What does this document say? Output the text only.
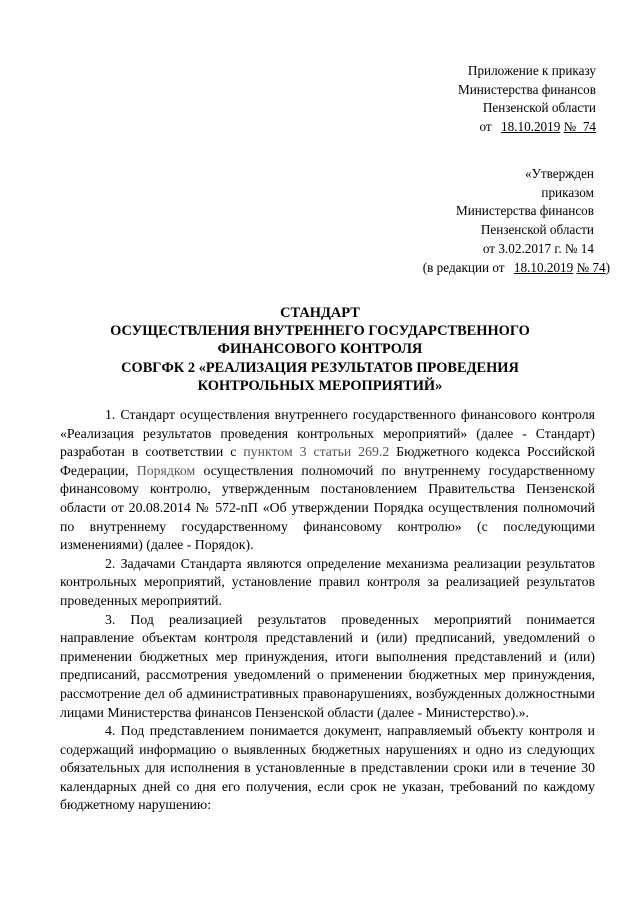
Приложение к приказу
Министерства финансов
Пензенской области
от 18.10.2019 № 74
«Утвержден
приказом
Министерства финансов
Пензенской области
от 3.02.2017 г. № 14
(в редакции от 18.10.2019 № 74)
СТАНДАРТ
ОСУЩЕСТВЛЕНИЯ ВНУТРЕННЕГО ГОСУДАРСТВЕННОГО
ФИНАНСОВОГО КОНТРОЛЯ
СОВГФК 2 «РЕАЛИЗАЦИЯ РЕЗУЛЬТАТОВ ПРОВЕДЕНИЯ
КОНТРОЛЬНЫХ МЕРОПРИЯТИЙ»

1. Стандарт осуществления внутреннего государственного финансового контроля «Реализация результатов проведения контрольных мероприятий» (далее - Стандарт) разработан в соответствии с пунктом 3 статьи 269.2 Бюджетного кодекса Российской Федерации, Порядком осуществления полномочий по внутреннему государственному финансовому контролю, утвержденным постановлением Правительства Пензенской области от 20.08.2014 № 572-пП «Об утверждении Порядка осуществления полномочий по внутреннему государственному финансовому контролю» (с последующими изменениями) (далее - Порядок).

2. Задачами Стандарта являются определение механизма реализации результатов контрольных мероприятий, установление правил контроля за реализацией результатов проведенных мероприятий.

3. Под реализацией результатов проведенных мероприятий понимается направление объектам контроля представлений и (или) предписаний, уведомлений о применении бюджетных мер принуждения, итоги выполнения представлений и (или) предписаний, рассмотрения уведомлений о применении бюджетных мер принуждения, рассмотрение дел об административных правонарушениях, возбужденных должностными лицами Министерства финансов Пензенской области (далее - Министерство).».

4. Под представлением понимается документ, направляемый объекту контроля и содержащий информацию о выявленных бюджетных нарушениях и одно из следующих обязательных для исполнения в установленные в представлении сроки или в течение 30 календарных дней со дня его получения, если срок не указан, требований по каждому бюджетному нарушению:
